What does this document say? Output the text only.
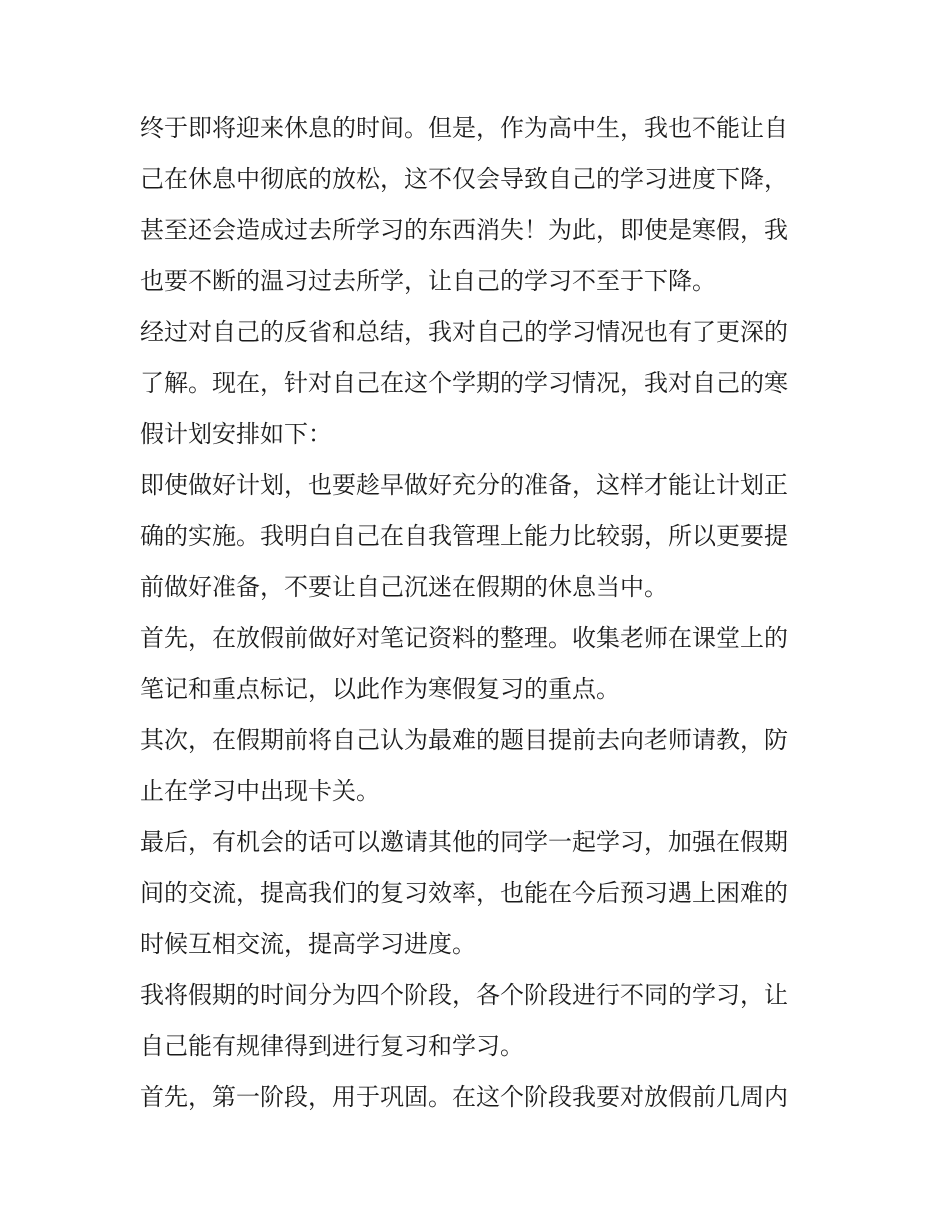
终于即将迎来休息的时间。但是，作为高中生，我也不能让自
己在休息中彻底的放松，这不仅会导致自己的学习进度下降，
甚至还会造成过去所学习的东西消失！为此，即使是寒假，我
也要不断的温习过去所学，让自己的学习不至于下降。
经过对自己的反省和总结，我对自己的学习情况也有了更深的
了解。现在，针对自己在这个学期的学习情况，我对自己的寒
假计划安排如下：
即使做好计划，也要趁早做好充分的准备，这样才能让计划正
确的实施。我明白自己在自我管理上能力比较弱，所以更要提
前做好准备，不要让自己沉迷在假期的休息当中。
首先，在放假前做好对笔记资料的整理。收集老师在课堂上的
笔记和重点标记，以此作为寒假复习的重点。
其次，在假期前将自己认为最难的题目提前去向老师请教，防
止在学习中出现卡关。
最后，有机会的话可以邀请其他的同学一起学习，加强在假期
间的交流，提高我们的复习效率，也能在今后预习遇上困难的
时候互相交流，提高学习进度。
我将假期的时间分为四个阶段，各个阶段进行不同的学习，让
自己能有规律得到进行复习和学习。
首先，第一阶段，用于巩固。在这个阶段我要对放假前几周内
